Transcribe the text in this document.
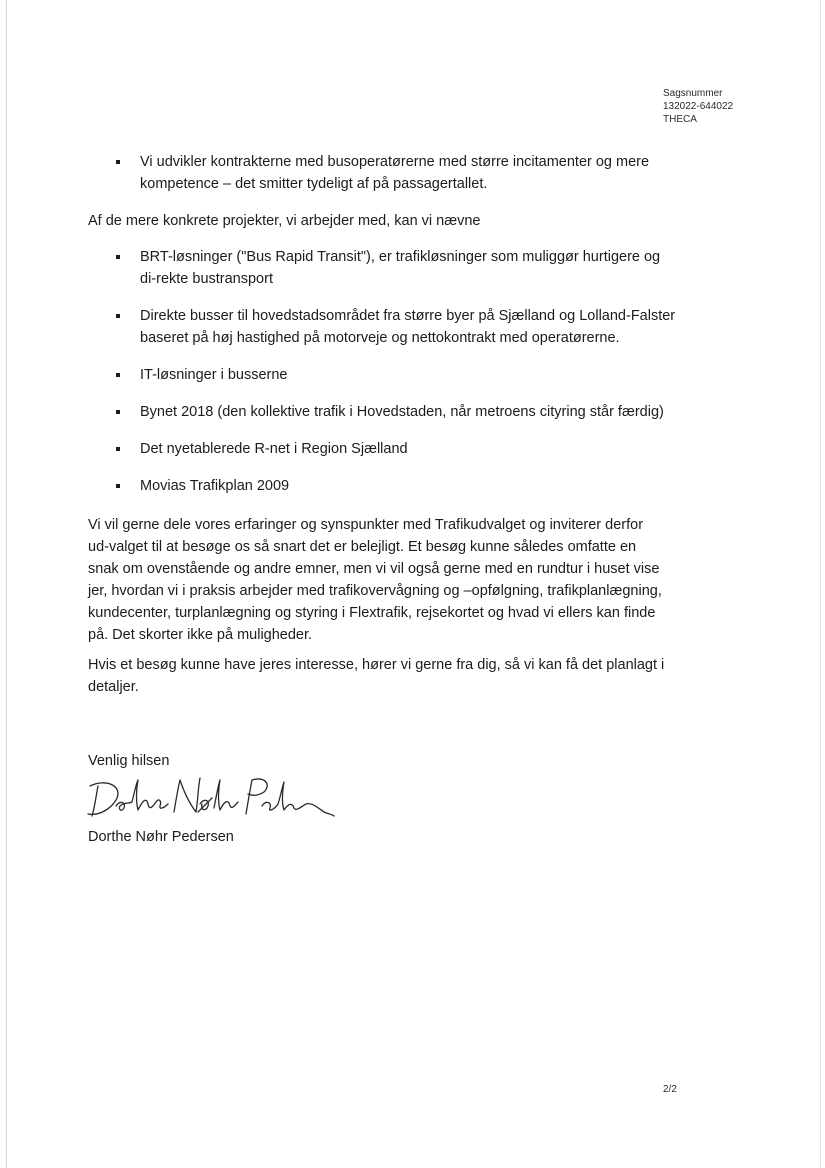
Sagsnummer
132022-644022
THECA
Vi udvikler kontrakterne med busoperatørerne med større incitamenter og mere kompetence – det smitter tydeligt af på passagertallet.

Af de mere konkrete projekter, vi arbejder med, kan vi nævne

BRT-løsninger ("Bus Rapid Transit"), er trafikløsninger som muliggør hurtigere og di-rekte bustransport
Direkte busser til hovedstadsområdet fra større byer på Sjælland og Lolland-Falster baseret på høj hastighed på motorveje og nettokontrakt med operatørerne.
IT-løsninger i busserne
Bynet 2018 (den kollektive trafik i Hovedstaden, når metroens cityring står færdig)
Det nyetablerede R-net i Region Sjælland
Movias Trafikplan 2009

Vi vil gerne dele vores erfaringer og synspunkter med Trafikudvalget og inviterer derfor ud-valget til at besøge os så snart det er belejligt. Et besøg kunne således omfatte en snak om ovenstående og andre emner, men vi vil også gerne med en rundtur i huset vise jer, hvordan vi i praksis arbejder med trafikovervågning og –opfølgning, trafikplanlægning, kundecenter, turplanlægning og styring i Flextrafik, rejsekortet og hvad vi ellers kan finde på. Det skorter ikke på muligheder.

Hvis et besøg kunne have jeres interesse, hører vi gerne fra dig, så vi kan få det planlagt i detaljer.

Venlig hilsen

Dorthe Nøhr Pedersen

2/2
